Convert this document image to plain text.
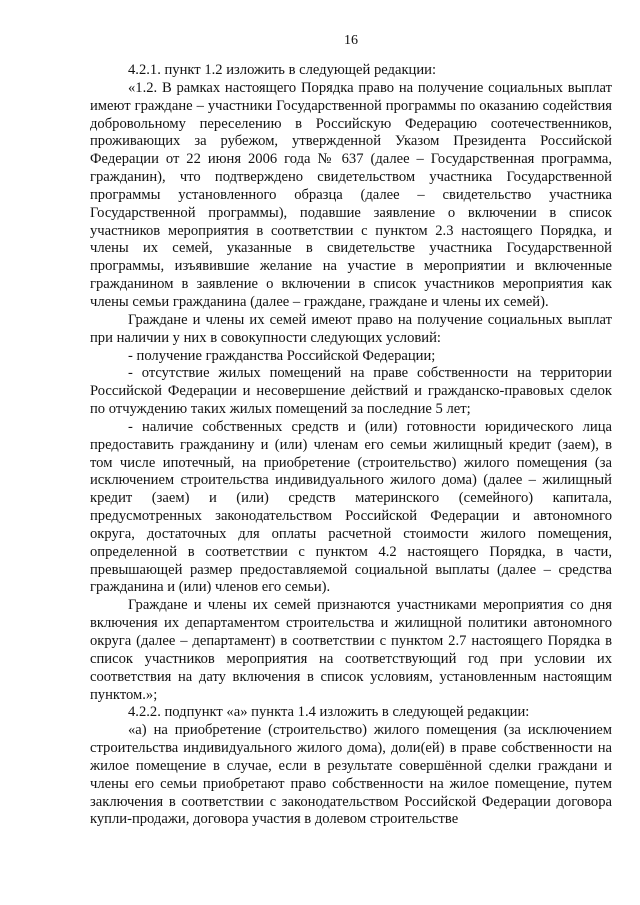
16

4.2.1. пункт 1.2 изложить в следующей редакции:

«1.2. В рамках настоящего Порядка право на получение социальных выплат имеют граждане – участники Государственной программы по оказанию содействия добровольному переселению в Российскую Федерацию соотечественников, проживающих за рубежом, утвержденной Указом Президента Российской Федерации от 22 июня 2006 года № 637 (далее – Государственная программа, гражданин), что подтверждено свидетельством участника Государственной программы установленного образца (далее – свидетельство участника Государственной программы), подавшие заявление о включении в список участников мероприятия в соответствии с пунктом 2.3 настоящего Порядка, и члены их семей, указанные в свидетельстве участника Государственной программы, изъявившие желание на участие в мероприятии и включенные гражданином в заявление о включении в список участников мероприятия как члены семьи гражданина (далее – граждане, граждане и члены их семей).

Граждане и члены их семей имеют право на получение социальных выплат при наличии у них в совокупности следующих условий:

- получение гражданства Российской Федерации;

- отсутствие жилых помещений на праве собственности на территории Российской Федерации и несовершение действий и гражданско-правовых сделок по отчуждению таких жилых помещений за последние 5 лет;

- наличие собственных средств и (или) готовности юридического лица предоставить гражданину и (или) членам его семьи жилищный кредит (заем), в том числе ипотечный, на приобретение (строительство) жилого помещения (за исключением строительства индивидуального жилого дома) (далее – жилищный кредит (заем) и (или) средств материнского (семейного) капитала, предусмотренных законодательством Российской Федерации и автономного округа, достаточных для оплаты расчетной стоимости жилого помещения, определенной в соответствии с пунктом 4.2 настоящего Порядка, в части, превышающей размер предоставляемой социальной выплаты (далее – средства гражданина и (или) членов его семьи).

Граждане и члены их семей признаются участниками мероприятия со дня включения их департаментом строительства и жилищной политики автономного округа (далее – департамент) в соответствии с пунктом 2.7 настоящего Порядка в список участников мероприятия на соответствующий год при условии их соответствия на дату включения в список условиям, установленным настоящим пунктом.»;

4.2.2. подпункт «а» пункта 1.4 изложить в следующей редакции:

«а) на приобретение (строительство) жилого помещения (за исключением строительства индивидуального жилого дома), доли(ей) в праве собственности на жилое помещение в случае, если в результате совершённой сделки граждани и члены его семьи приобретают право собственности на жилое помещение, путем заключения в соответствии с законодательством Российской Федерации договора купли-продажи, договора участия в долевом строительстве
